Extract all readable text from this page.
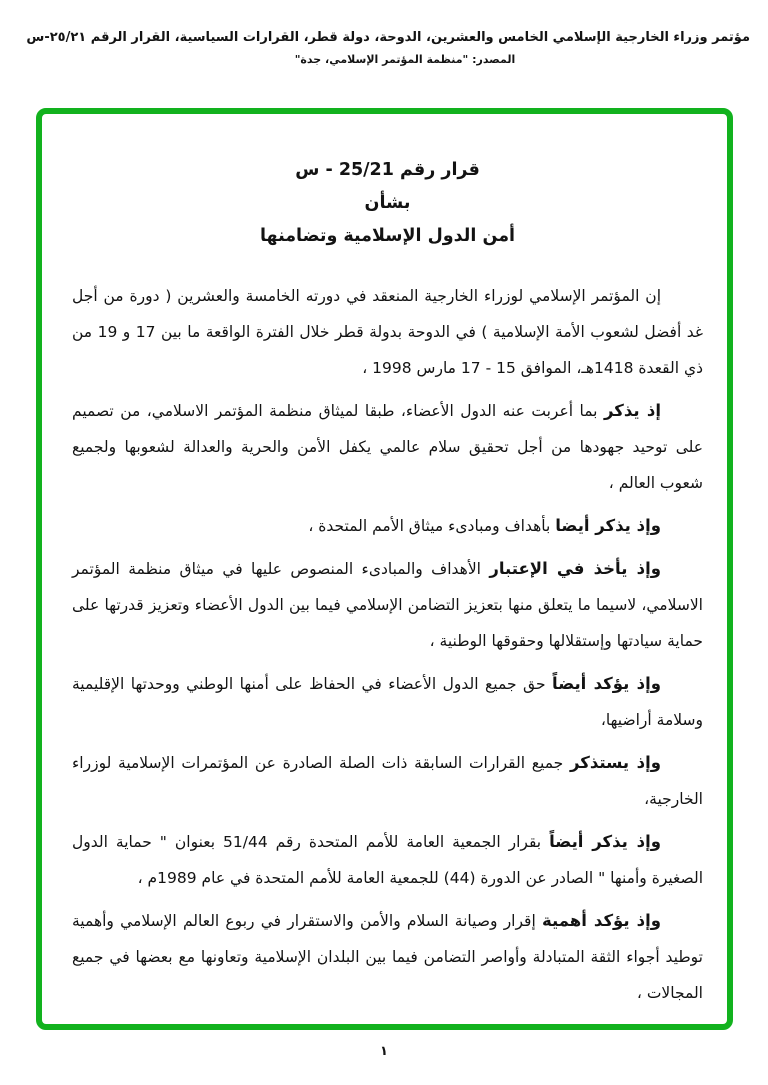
مؤتمر وزراء الخارجية الإسلامي الخامس والعشرين، الدوحة، دولة قطر، القرارات السياسية، القرار الرقم ٢٥/٢١-س
المصدر: "منظمة المؤتمر الإسلامي، جدة"
قرار رقم 25/21 - س
بشأن
أمن الدول الإسلامية وتضامنها

إن المؤتمر الإسلامي لوزراء الخارجية المنعقد في دورته الخامسة والعشرين ( دورة من أجل غد أفضل لشعوب الأمة الإسلامية ) في الدوحة بدولة قطر خلال الفترة الواقعة ما بين 17 و 19 من ذي القعدة 1418هـ، الموافق 15 - 17 مارس 1998 ،

إذ يذكر بما أعربت عنه الدول الأعضاء، طبقا لميثاق منظمة المؤتمر الاسلامي، من تصميم على توحيد جهودها من أجل تحقيق سلام عالمي يكفل الأمن والحرية والعدالة لشعوبها ولجميع شعوب العالم ،

وإذ يذكر أيضا بأهداف ومبادىء ميثاق الأمم المتحدة ،

وإذ يأخذ في الإعتبار الأهداف والمبادىء المنصوص عليها في ميثاق منظمة المؤتمر الاسلامي، لاسيما ما يتعلق منها بتعزيز التضامن الإسلامي فيما بين الدول الأعضاء وتعزيز قدرتها على حماية سيادتها وإستقلالها وحقوقها الوطنية ،

وإذ يؤكد أيضاً حق جميع الدول الأعضاء في الحفاظ على أمنها الوطني ووحدتها الإقليمية وسلامة أراضيها،

وإذ يستذكر جميع القرارات السابقة ذات الصلة الصادرة عن المؤتمرات الإسلامية لوزراء الخارجية،

وإذ يذكر أيضاً بقرار الجمعية العامة للأمم المتحدة رقم 51/44 بعنوان " حماية الدول الصغيرة وأمنها " الصادر عن الدورة (44) للجمعية العامة للأمم المتحدة في عام 1989م ،

وإذ يؤكد أهمية إقرار وصيانة السلام والأمن والاستقرار في ربوع العالم الإسلامي وأهمية توطيد أجواء الثقة المتبادلة وأواصر التضامن فيما بين البلدان الإسلامية وتعاونها مع بعضها في جميع المجالات ،

١
